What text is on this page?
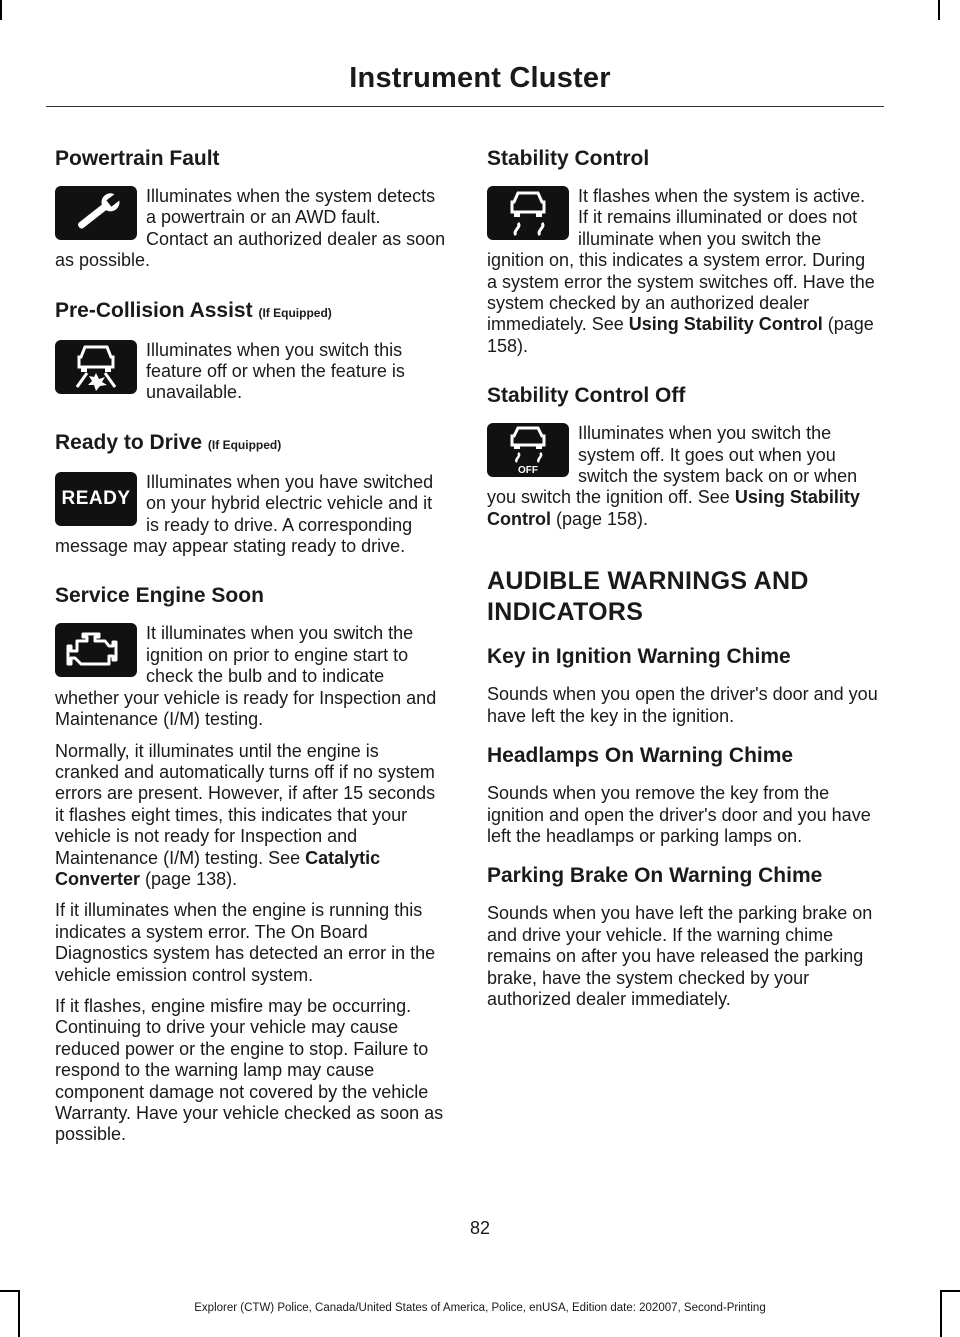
Instrument Cluster
Powertrain Fault

Illuminates when the system detects a powertrain or an AWD fault. Contact an authorized dealer as soon as possible.

Pre-Collision Assist (If Equipped)

Illuminates when you switch this feature off or when the feature is unavailable.

Ready to Drive (If Equipped)
READY

Illuminates when you have switched on your hybrid electric vehicle and it is ready to drive. A corresponding message may appear stating ready to drive.

Service Engine Soon

It illuminates when you switch the ignition on prior to engine start to check the bulb and to indicate whether your vehicle is ready for Inspection and Maintenance (I/M) testing.

Normally, it illuminates until the engine is cranked and automatically turns off if no system errors are present. However, if after 15 seconds it flashes eight times, this indicates that your vehicle is not ready for Inspection and Maintenance (I/M) testing. See Catalytic Converter (page 138).

If it illuminates when the engine is running this indicates a system error. The On Board Diagnostics system has detected an error in the vehicle emission control system.

If it flashes, engine misfire may be occurring. Continuing to drive your vehicle may cause reduced power or the engine to stop. Failure to respond to the warning lamp may cause component damage not covered by the vehicle Warranty. Have your vehicle checked as soon as possible.

Stability Control

It flashes when the system is active. If it remains illuminated or does not illuminate when you switch the ignition on, this indicates a system error. During a system error the system switches off. Have the system checked by an authorized dealer immediately. See Using Stability Control (page 158).

Stability Control Off
OFF

Illuminates when you switch the system off. It goes out when you switch the system back on or when you switch the ignition off. See Using Stability Control (page 158).

AUDIBLE WARNINGS AND
INDICATORS
Key in Ignition Warning Chime

Sounds when you open the driver's door and you have left the key in the ignition.

Headlamps On Warning Chime

Sounds when you remove the key from the ignition and open the driver's door and you have left the headlamps or parking lamps on.

Parking Brake On Warning Chime

Sounds when you have left the parking brake on and drive your vehicle. If the warning chime remains on after you have released the parking brake, have the system checked by your authorized dealer immediately.

82
Explorer (CTW) Police, Canada/United States of America, Police, enUSA, Edition date: 202007, Second-Printing
